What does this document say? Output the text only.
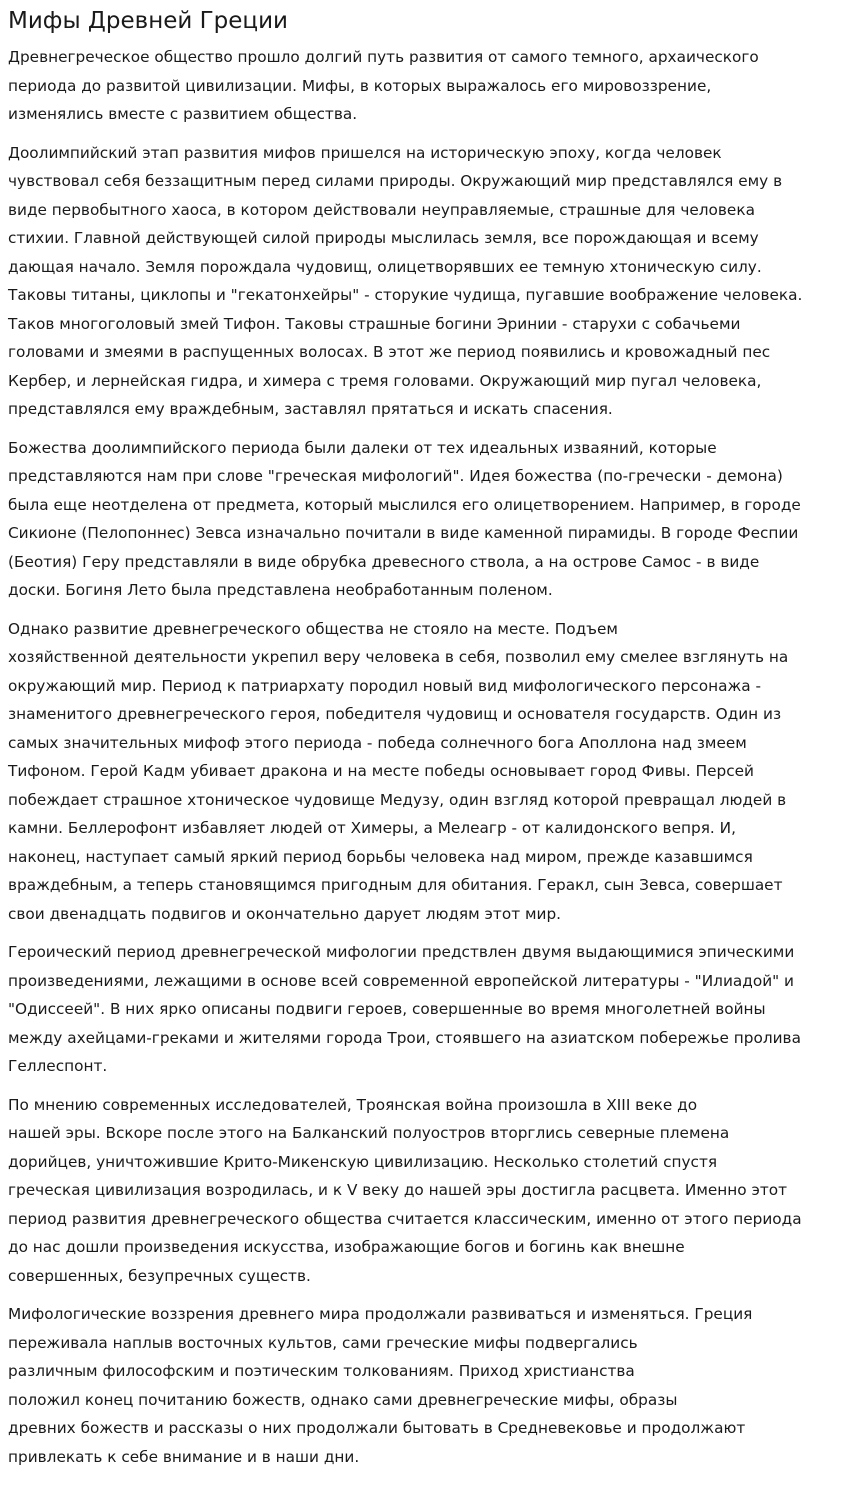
Мифы Древней Греции

Древнегреческое общество прошло долгий путь развития от самого темного, архаического
периода до развитой цивилизации. Мифы, в которых выражалось его мировоззрение,
изменялись вместе с развитием общества.

Доолимпийский этап развития мифов пришелся на историческую эпоху, когда человек
чувствовал себя беззащитным перед силами природы. Окружающий мир представлялся ему в
виде первобытного хаоса, в котором действовали неуправляемые, страшные для человека
стихии. Главной действующей силой природы мыслилась земля, все порождающая и всему
дающая начало. Земля порождала чудовищ, олицетворявших ее темную хтоническую силу.
Таковы титаны, циклопы и "гекатонхейры" - сторукие чудища, пугавшие воображение человека.
Таков многоголовый змей Тифон. Таковы страшные богини Эринии - старухи с собачьеми
головами и змеями в распущенных волосах. В этот же период появились и кровожадный пес
Кербер, и лернейская гидра, и химера с тремя головами. Окружающий мир пугал человека,
представлялся ему враждебным, заставлял прятаться и искать спасения.

Божества доолимпийского периода были далеки от тех идеальных изваяний, которые
представляются нам при слове "греческая мифологий". Идея божества (по-гречески - демона)
была еще неотделена от предмета, который мыслился его олицетворением. Например, в городе
Сикионе (Пелопоннес) Зевса изначально почитали в виде каменной пирамиды. В городе Феспии
(Беотия) Геру представляли в виде обрубка древесного ствола, а на острове Самос - в виде
доски. Богиня Лето была представлена необработанным поленом.

Однако развитие древнегреческого общества не стояло на месте. Подъем
хозяйственной деятельности укрепил веру человека в себя, позволил ему смелее взглянуть на
окружающий мир. Период к патриархату породил новый вид мифологического персонажа -
знаменитого древнегреческого героя, победителя чудовищ и основателя государств. Один из
самых значительных мифоф этого периода - победа солнечного бога Аполлона над змеем
Тифоном. Герой Кадм убивает дракона и на месте победы основывает город Фивы. Персей
побеждает страшное хтоническое чудовище Медузу, один взгляд которой превращал людей в
камни. Беллерофонт избавляет людей от Химеры, а Мелеагр - от калидонского вепря. И,
наконец, наступает самый яркий период борьбы человека над миром, прежде казавшимся
враждебным, а теперь становящимся пригодным для обитания. Геракл, сын Зевса, совершает
свои двенадцать подвигов и окончательно дарует людям этот мир.

Героический период древнегреческой мифологии предствлен двумя выдающимися эпическими
произведениями, лежащими в основе всей современной европейской литературы - "Илиадой" и
"Одиссеей". В них ярко описаны подвиги героев, совершенные во время многолетней войны
между ахейцами-греками и жителями города Трои, стоявшего на азиатском побережье пролива
Геллеспонт.

По мнению современных исследователей, Троянская война произошла в XIII веке до
нашей эры. Вскоре после этого на Балканский полуостров вторглись северные племена
дорийцев, уничтожившие Крито-Микенскую цивилизацию. Несколько столетий спустя
греческая цивилизация возродилась, и к V веку до нашей эры достигла расцвета. Именно этот
период развития древнегреческого общества считается классическим, именно от этого периода
до нас дошли произведения искусства, изображающие богов и богинь как внешне
совершенных, безупречных существ.

Мифологические воззрения древнего мира продолжали развиваться и изменяться. Греция
переживала наплыв восточных культов, сами греческие мифы подвергались
различным философским и поэтическим толкованиям. Приход христианства
положил конец почитанию божеств, однако сами древнегреческие мифы, образы
древних божеств и рассказы о них продолжали бытовать в Средневековье и продолжают
привлекать к себе внимание и в наши дни.
